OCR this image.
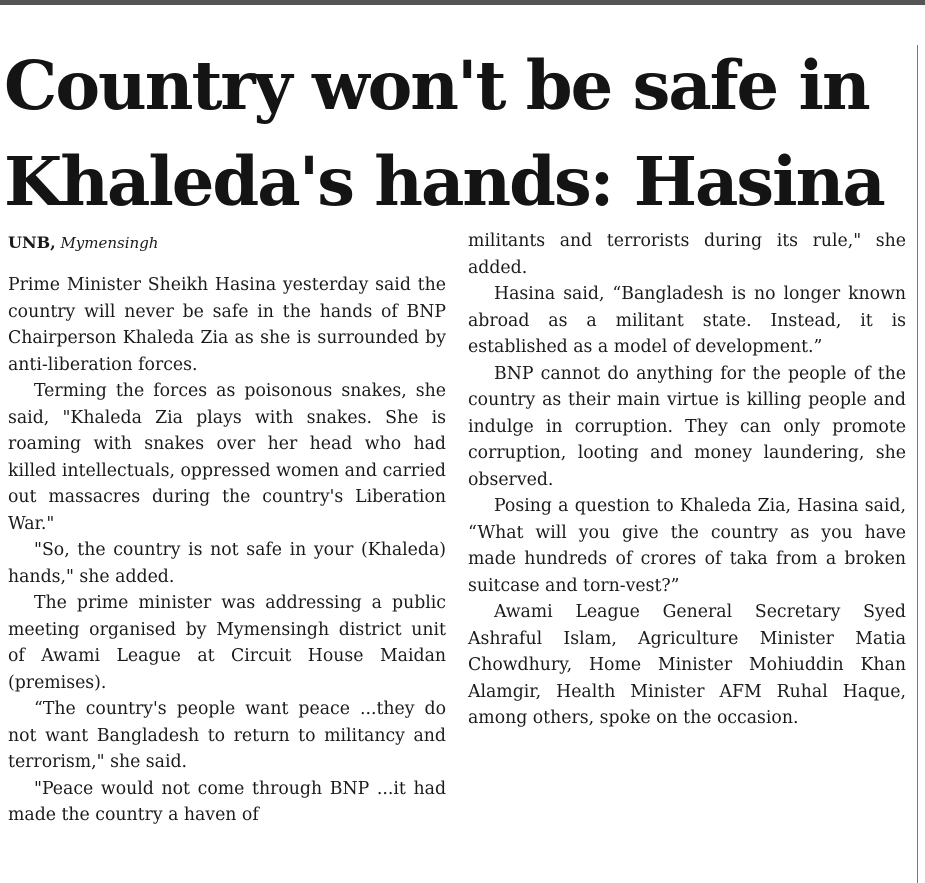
Country won't be safe in
Khaleda's hands: Hasina
UNB, Mymensingh

Prime Minister Sheikh Hasina yesterday said the country will never be safe in the hands of BNP Chairperson Khaleda Zia as she is surrounded by anti-liberation forces.

Terming the forces as poisonous snakes, she said, "Khaleda Zia plays with snakes. She is roaming with snakes over her head who had killed intellectuals, oppressed women and carried out massacres during the country's Liberation War."

"So, the country is not safe in your (Khaleda) hands," she added.

The prime minister was addressing a public meeting organised by Mymensingh district unit of Awami League at Circuit House Maidan (premises).

“The country's people want peace ...they do not want Bangladesh to return to militancy and terrorism," she said.

"Peace would not come through BNP ...it had made the country a haven of

militants and terrorists during its rule," she added.

Hasina said, “Bangladesh is no longer known abroad as a militant state. Instead, it is established as a model of development.”

BNP cannot do anything for the people of the country as their main virtue is killing people and indulge in corruption. They can only promote corruption, looting and money laundering, she observed.

Posing a question to Khaleda Zia, Hasina said, “What will you give the country as you have made hundreds of crores of taka from a broken suitcase and torn-vest?”

Awami League General Secretary Syed Ashraful Islam, Agriculture Minister Matia Chowdhury, Home Minister Mohiuddin Khan Alamgir, Health Minister AFM Ruhal Haque, among others, spoke on the occasion.
